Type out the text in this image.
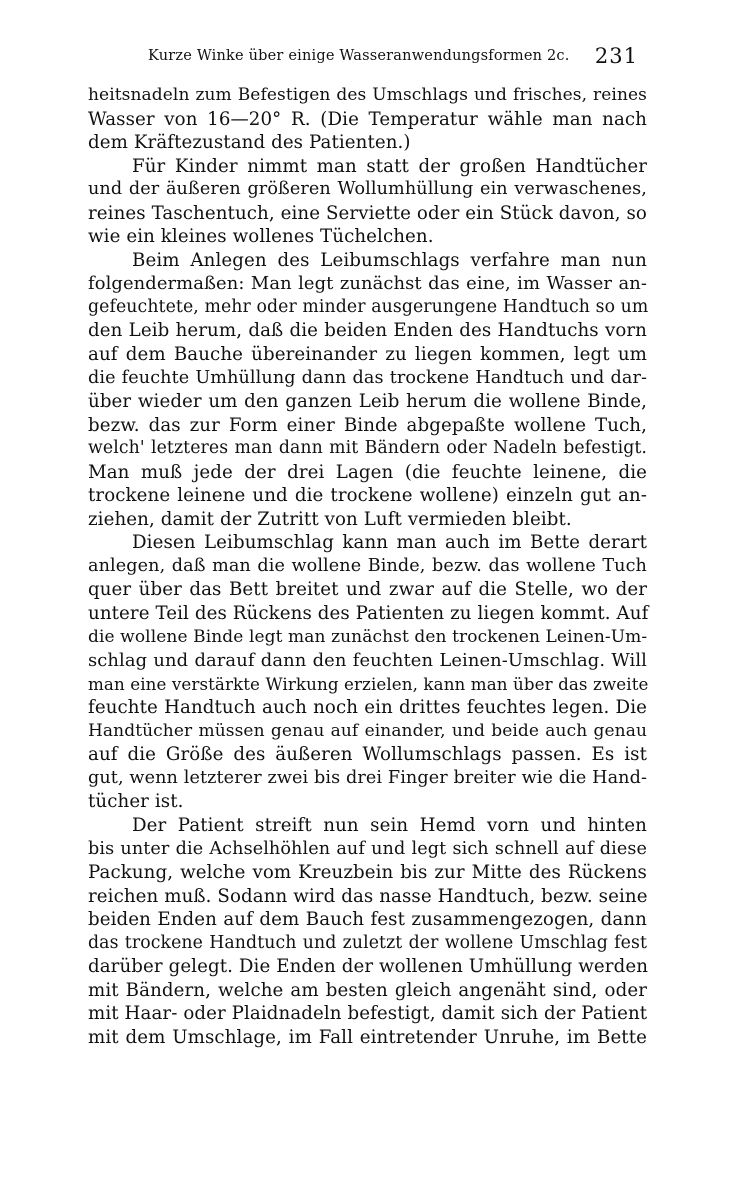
Kurze Winke über einige Wasseranwendungsformen 2c. 231
heitsnadeln zum Befestigen des Umschlags und frisches, reines
Wasser von 16—20° R. (Die Temperatur wähle man nach
dem Kräftezustand des Patienten.)
Für Kinder nimmt man statt der großen Handtücher
und der äußeren größeren Wollumhüllung ein verwaschenes,
reines Taschentuch, eine Serviette oder ein Stück davon, so
wie ein kleines wollenes Tüchelchen.
Beim Anlegen des Leibumschlags verfahre man nun
folgendermaßen: Man legt zunächst das eine, im Wasser an-
gefeuchtete, mehr oder minder ausgerungene Handtuch so um
den Leib herum, daß die beiden Enden des Handtuchs vorn
auf dem Bauche übereinander zu liegen kommen, legt um
die feuchte Umhüllung dann das trockene Handtuch und dar-
über wieder um den ganzen Leib herum die wollene Binde,
bezw. das zur Form einer Binde abgepaßte wollene Tuch,
welch' letzteres man dann mit Bändern oder Nadeln befestigt.
Man muß jede der drei Lagen (die feuchte leinene, die
trockene leinene und die trockene wollene) einzeln gut an-
ziehen, damit der Zutritt von Luft vermieden bleibt.
Diesen Leibumschlag kann man auch im Bette derart
anlegen, daß man die wollene Binde, bezw. das wollene Tuch
quer über das Bett breitet und zwar auf die Stelle, wo der
untere Teil des Rückens des Patienten zu liegen kommt. Auf
die wollene Binde legt man zunächst den trockenen Leinen-Um-
schlag und darauf dann den feuchten Leinen-Umschlag. Will
man eine verstärkte Wirkung erzielen, kann man über das zweite
feuchte Handtuch auch noch ein drittes feuchtes legen. Die
Handtücher müssen genau auf einander, und beide auch genau
auf die Größe des äußeren Wollumschlags passen. Es ist
gut, wenn letzterer zwei bis drei Finger breiter wie die Hand-
tücher ist.
Der Patient streift nun sein Hemd vorn und hinten
bis unter die Achselhöhlen auf und legt sich schnell auf diese
Packung, welche vom Kreuzbein bis zur Mitte des Rückens
reichen muß. Sodann wird das nasse Handtuch, bezw. seine
beiden Enden auf dem Bauch fest zusammengezogen, dann
das trockene Handtuch und zuletzt der wollene Umschlag fest
darüber gelegt. Die Enden der wollenen Umhüllung werden
mit Bändern, welche am besten gleich angenäht sind, oder
mit Haar- oder Plaidnadeln befestigt, damit sich der Patient
mit dem Umschlage, im Fall eintretender Unruhe, im Bette
